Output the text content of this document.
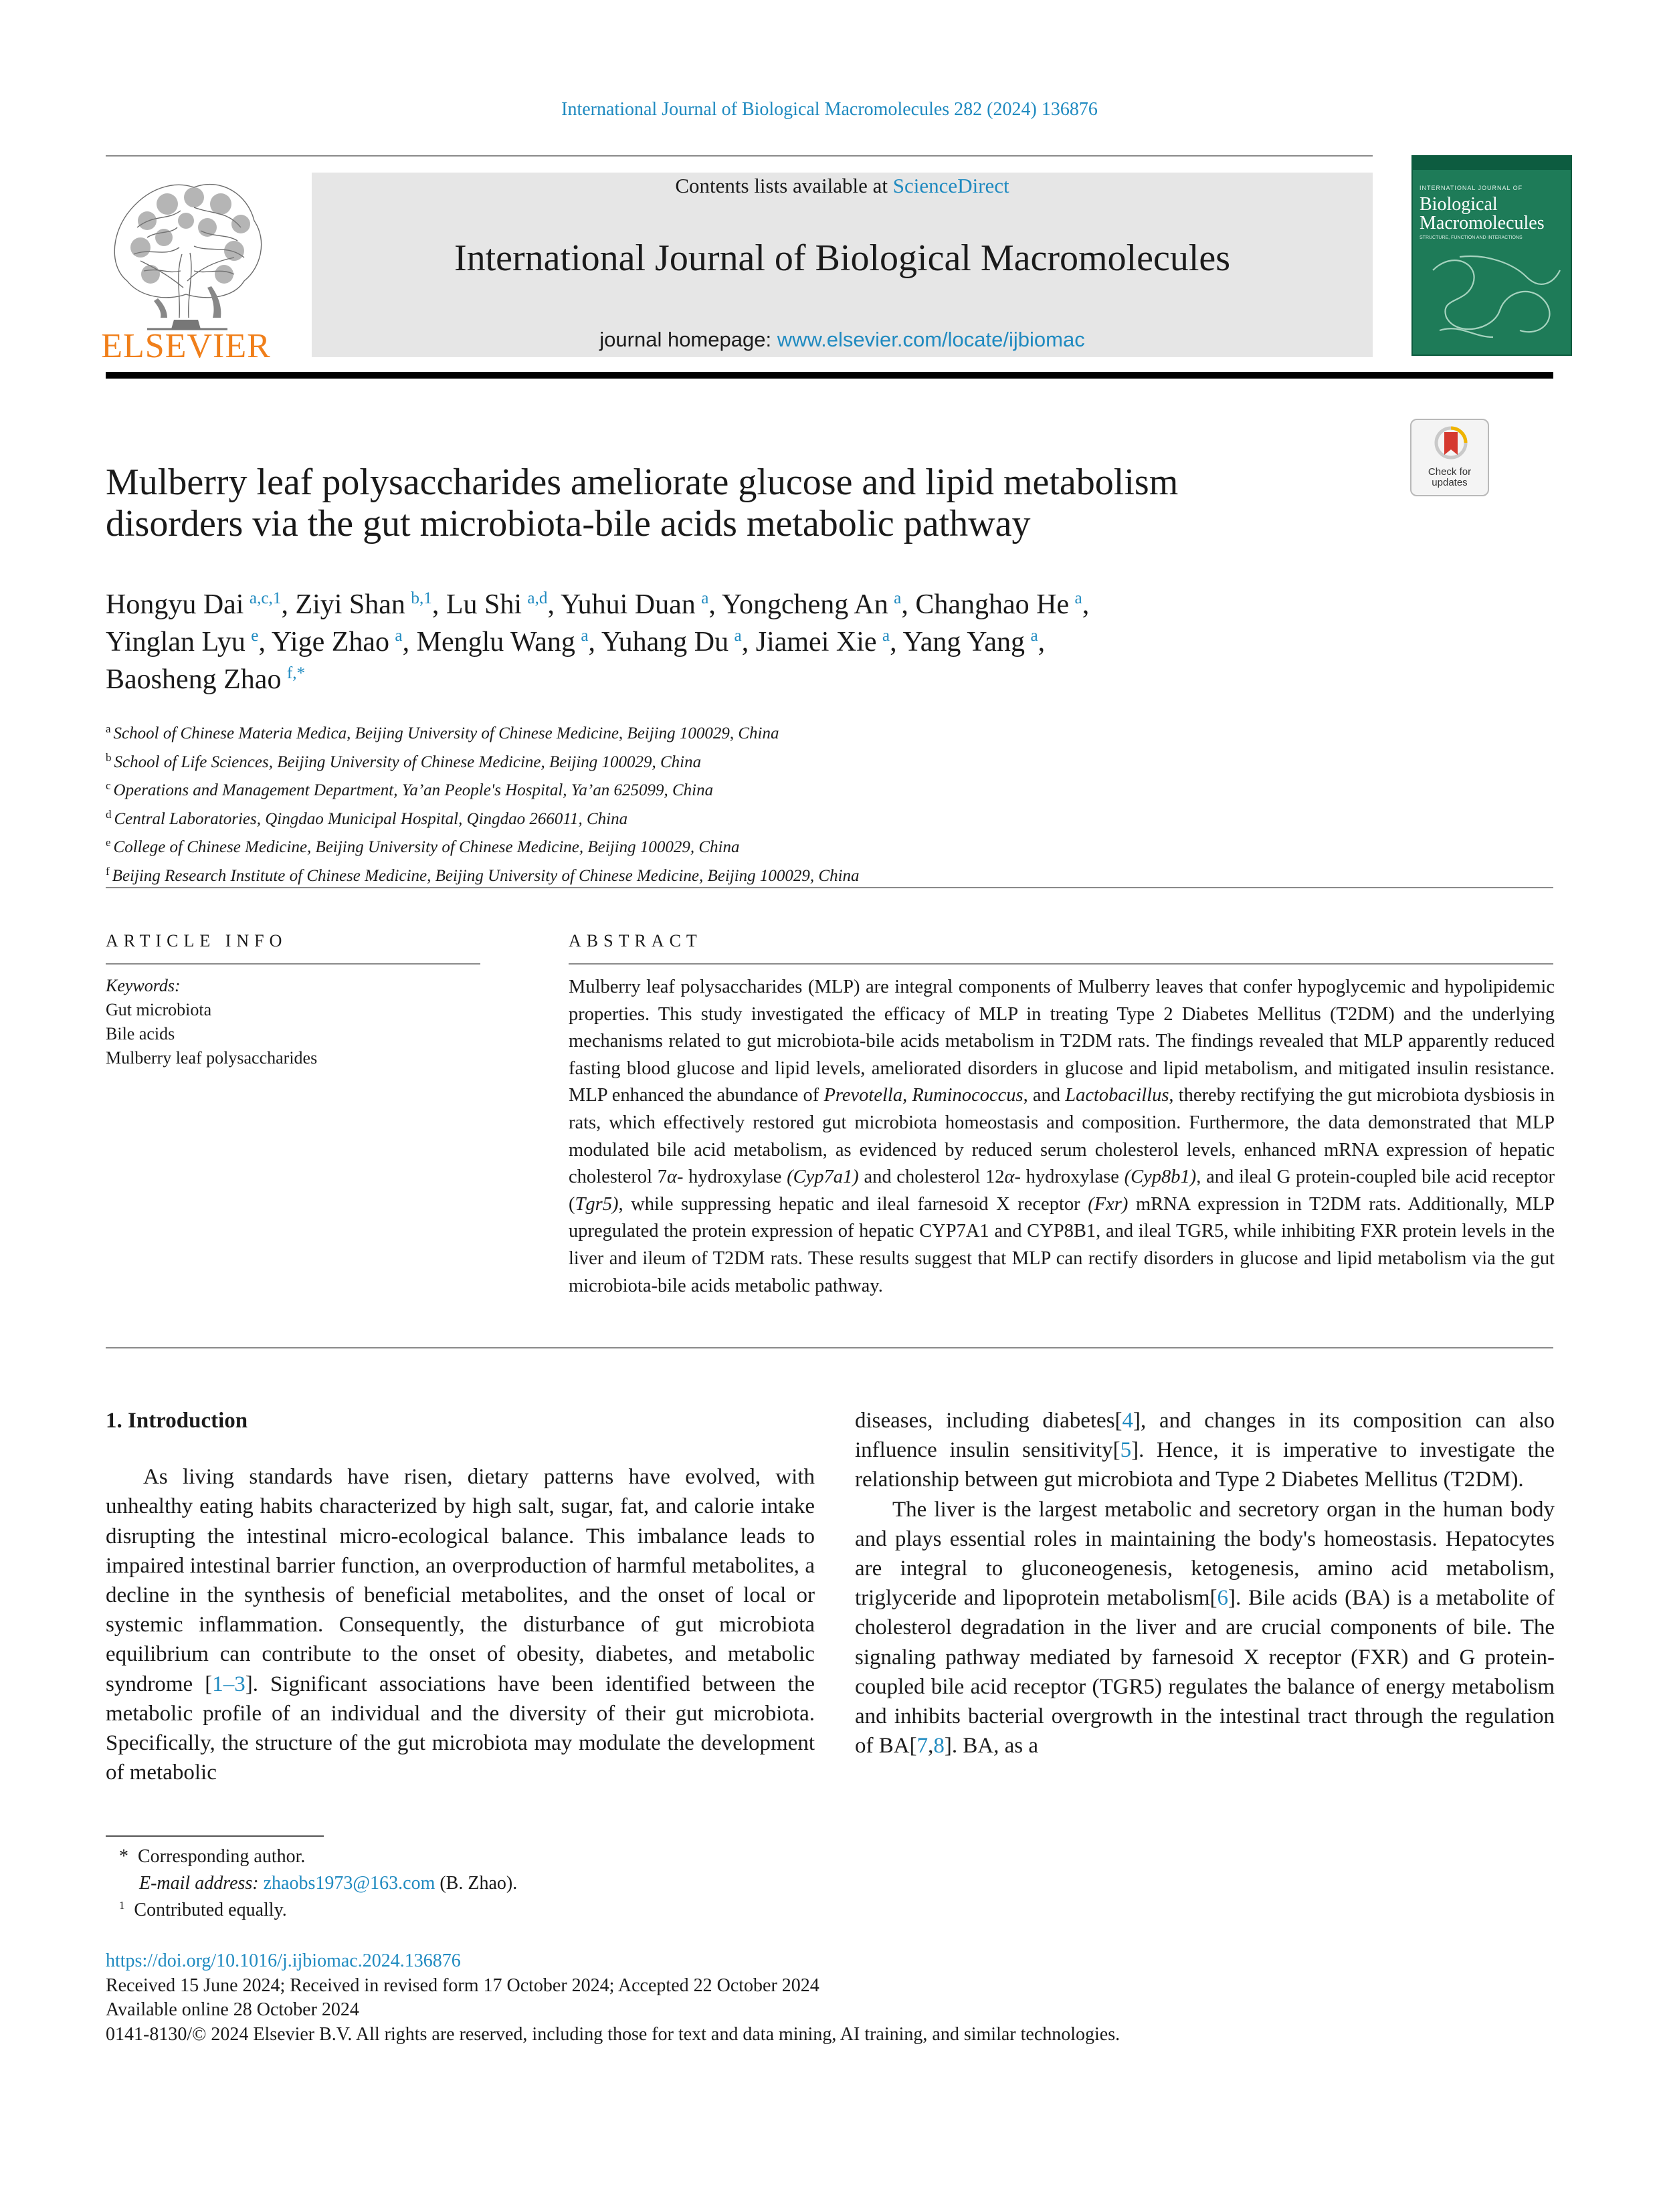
International Journal of Biological Macromolecules 282 (2024) 136876
ELSEVIER
Contents lists available at ScienceDirect
International Journal of Biological Macromolecules
journal homepage: www.elsevier.com/locate/ijbiomac
INTERNATIONAL JOURNAL OF
Biological
Macromolecules
STRUCTURE, FUNCTION AND INTERACTIONS
Check for
updates
Mulberry leaf polysaccharides ameliorate glucose and lipid metabolism
disorders via the gut microbiota-bile acids metabolic pathway
Hongyu Dai $^{a,c,1}$, Ziyi Shan $^{b,1}$, Lu Shi $^{a,d}$, Yuhui Duan $^a$, Yongcheng An $^a$, Changhao He $^a$,
Yinglan Lyu $^e$, Yige Zhao $^a$, Menglu Wang $^a$, Yuhang Du $^a$, Jiamei Xie $^a$, Yang Yang $^a$,
Baosheng Zhao $^{f,*}$
$^a$ School of Chinese Materia Medica, Beijing University of Chinese Medicine, Beijing 100029, China
$^b$ School of Life Sciences, Beijing University of Chinese Medicine, Beijing 100029, China
$^c$ Operations and Management Department, Ya’an People's Hospital, Ya’an 625099, China
$^d$ Central Laboratories, Qingdao Municipal Hospital, Qingdao 266011, China
$^e$ College of Chinese Medicine, Beijing University of Chinese Medicine, Beijing 100029, China
$^f$ Beijing Research Institute of Chinese Medicine, Beijing University of Chinese Medicine, Beijing 100029, China
ARTICLE INFO	ABSTRACT
Keywords:
Gut microbiota
Bile acids
Mulberry leaf polysaccharides
Mulberry leaf polysaccharides (MLP) are integral components of Mulberry leaves that confer hypoglycemic and hypolipidemic properties. This study investigated the efficacy of MLP in treating Type 2 Diabetes Mellitus (T2DM) and the underlying mechanisms related to gut microbiota-bile acids metabolism in T2DM rats. The findings revealed that MLP apparently reduced fasting blood glucose and lipid levels, ameliorated disorders in glucose and lipid metabolism, and mitigated insulin resistance. MLP enhanced the abundance of Prevotella, Ruminococcus, and Lactobacillus, thereby rectifying the gut microbiota dysbiosis in rats, which effectively restored gut microbiota homeostasis and composition. Furthermore, the data demonstrated that MLP modulated bile acid metabolism, as evidenced by reduced serum cholesterol levels, enhanced mRNA expression of hepatic cholesterol 7α- hydroxylase (Cyp7a1) and cholesterol 12α- hydroxylase (Cyp8b1), and ileal G protein-coupled bile acid receptor (Tgr5), while suppressing hepatic and ileal farnesoid X receptor (Fxr) mRNA expression in T2DM rats. Additionally, MLP upregulated the protein expression of hepatic CYP7A1 and CYP8B1, and ileal TGR5, while inhibiting FXR protein levels in the liver and ileum of T2DM rats. These results suggest that MLP can rectify disorders in glucose and lipid metabolism via the gut microbiota-bile acids metabolic pathway.

1. Introduction

As living standards have risen, dietary patterns have evolved, with unhealthy eating habits characterized by high salt, sugar, fat, and calorie intake disrupting the intestinal micro-ecological balance. This imbalance leads to impaired intestinal barrier function, an overproduction of harmful metabolites, a decline in the synthesis of beneficial metabolites, and the onset of local or systemic inflammation. Consequently, the disturbance of gut microbiota equilibrium can contribute to the onset of obesity, diabetes, and metabolic syndrome [1–3]. Significant associations have been identified between the metabolic profile of an individual and the diversity of their gut microbiota. Specifically, the structure of the gut microbiota may modulate the development of metabolic

diseases, including diabetes[4], and changes in its composition can also influence insulin sensitivity[5]. Hence, it is imperative to investigate the relationship between gut microbiota and Type 2 Diabetes Mellitus (T2DM).

The liver is the largest metabolic and secretory organ in the human body and plays essential roles in maintaining the body's homeostasis. Hepatocytes are integral to gluconeogenesis, ketogenesis, amino acid metabolism, triglyceride and lipoprotein metabolism[6]. Bile acids (BA) is a metabolite of cholesterol degradation in the liver and are crucial components of bile. The signaling pathway mediated by farnesoid X receptor (FXR) and G protein-coupled bile acid receptor (TGR5) regulates the balance of energy metabolism and inhibits bacterial overgrowth in the intestinal tract through the regulation of BA[7,8]. BA, as a

* Corresponding author.
E-mail address: zhaobs1973@163.com (B. Zhao).
$^1$ Contributed equally.
https://doi.org/10.1016/j.ijbiomac.2024.136876
Received 15 June 2024; Received in revised form 17 October 2024; Accepted 22 October 2024
Available online 28 October 2024
0141-8130/© 2024 Elsevier B.V. All rights are reserved, including those for text and data mining, AI training, and similar technologies.
